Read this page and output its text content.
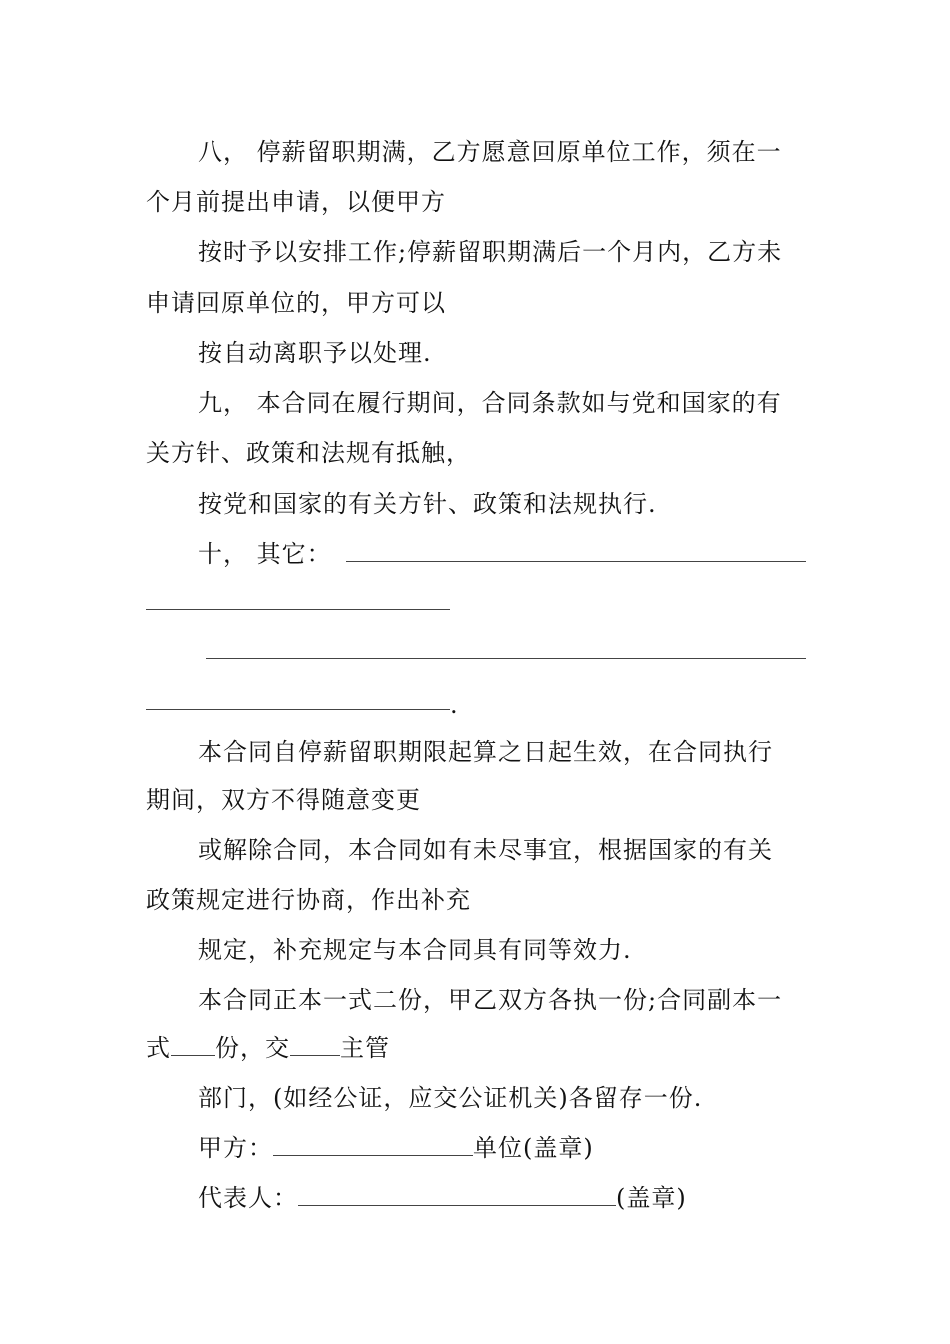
八， 停薪留职期满，乙方愿意回原单位工作，须在一
个月前提出申请，以便甲方
按时予以安排工作;停薪留职期满后一个月内，乙方未
申请回原单位的，甲方可以
按自动离职予以处理.
九， 本合同在履行期间，合同条款如与党和国家的有
关方针、政策和法规有抵触，
按党和国家的有关方针、政策和法规执行.
十， 其它：
.
本合同自停薪留职期限起算之日起生效，在合同执行
期间，双方不得随意变更
或解除合同，本合同如有未尽事宜，根据国家的有关
政策规定进行协商，作出补充
规定，补充规定与本合同具有同等效力.
本合同正本一式二份，甲乙双方各执一份;合同副本一
式 份，交 主管
部门，(如经公证，应交公证机关)各留存一份.
甲方：	单位(盖章)
代表人：	(盖章)
